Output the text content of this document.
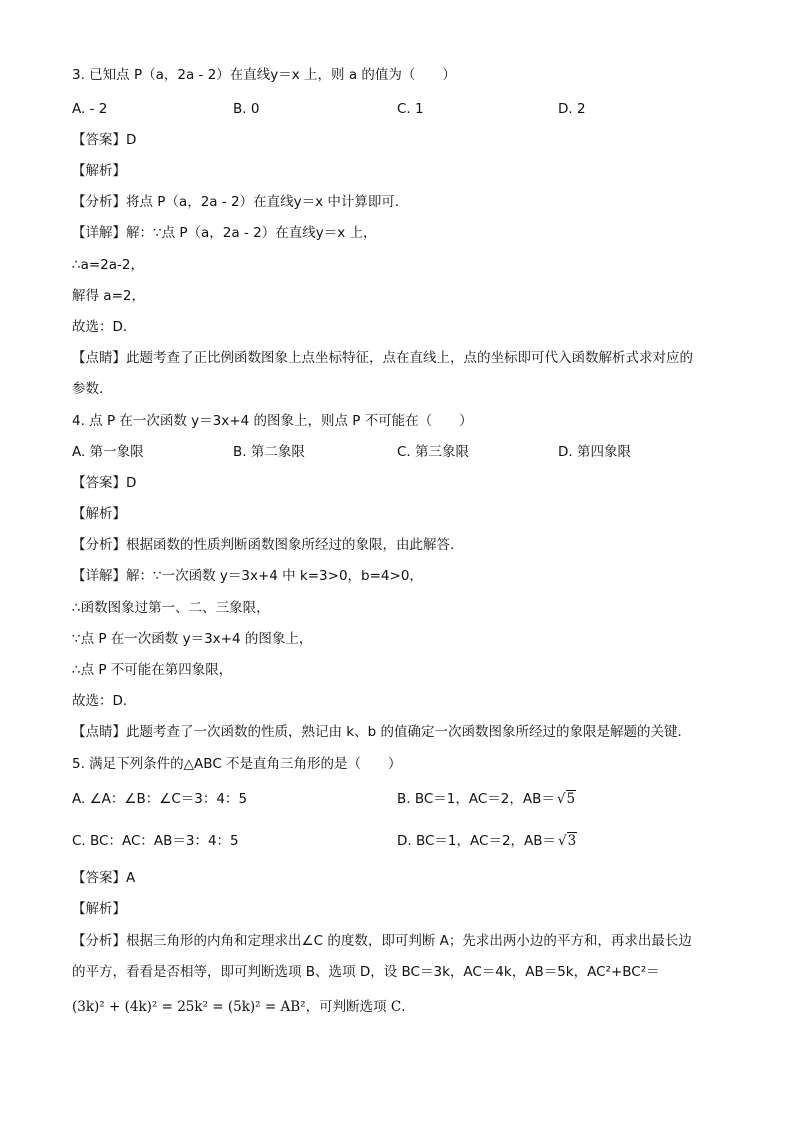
3. 已知点 P（a，2a - 2）在直线y＝x 上，则 a 的值为（　　）
A. - 2	B. 0	C. 1	D. 2
【答案】D
【解析】
【分析】将点 P（a，2a - 2）在直线y＝x 中计算即可．
【详解】解：∵点 P（a，2a - 2）在直线y＝x 上，
∴a=2a-2，
解得 a=2，
故选：D．
【点睛】此题考查了正比例函数图象上点坐标特征，点在直线上，点的坐标即可代入函数解析式求对应的
参数．
4. 点 P 在一次函数 y＝3x+4 的图象上，则点 P 不可能在（　　）
A. 第一象限	B. 第二象限	C. 第三象限	D. 第四象限
【答案】D
【解析】
【分析】根据函数的性质判断函数图象所经过的象限，由此解答．
【详解】解：∵一次函数 y＝3x+4 中 k=3>0，b=4>0，
∴函数图象过第一、二、三象限，
∵点 P 在一次函数 y＝3x+4 的图象上，
∴点 P 不可能在第四象限，
故选：D．
【点睛】此题考查了一次函数的性质，熟记由 k、b 的值确定一次函数图象所经过的象限是解题的关键．
5. 满足下列条件的△ABC 不是直角三角形的是（　　）
A. ∠A：∠B：∠C＝3：4：5	B. BC＝1，AC＝2，AB＝ √5
C. BC：AC：AB＝3：4：5	D. BC＝1，AC＝2，AB＝ √3
【答案】A
【解析】
【分析】根据三角形的内角和定理求出∠C 的度数，即可判断 A；先求出两小边的平方和，再求出最长边
的平方，看看是否相等，即可判断选项 B、选项 D，设 BC＝3k，AC＝4k，AB＝5k，AC²+BC²＝
(3k)² + (4k)² = 25k² = (5k)² = AB²，可判断选项 C．
